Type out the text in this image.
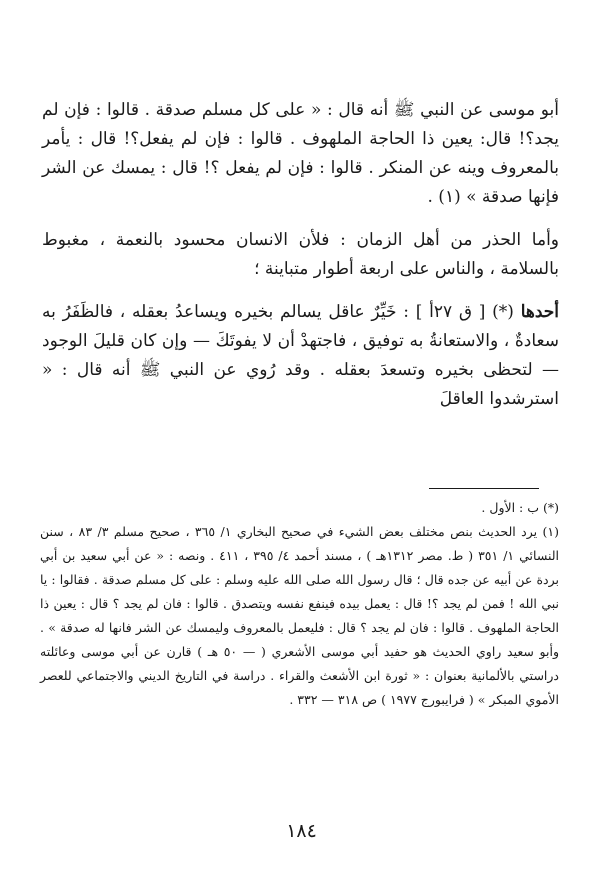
أبو موسى عن النبي ﷺ أنه قال : « على كل مسلم صدقة . قالوا : فإن لم يجد؟! قال: يعين ذا الحاجة الملهوف . قالوا : فإن لم يفعل؟! قال : يأمر بالمعروف وينه عن المنكر . قالوا : فإن لم يفعل ؟! قال : يمسك عن الشر فإنها صدقة » (١) .

وأما الحذر من أهل الزمان : فلأن الانسان محسود بالنعمة ، مغبوط بالسلامة ، والناس على اربعة أطوار متباينة ؛

أحدها (*) [ ق ٢٧أ ] : خَيِّرٌ عاقل يسالم بخيره ويساعدُ بعقله ، فالظَفَرُ به سعادةٌ ، والاستعانةُ به توفيق ، فاجتهدْ أن لا يفوتَكَ — وإن كان قليلَ الوجود — لتحظى بخيره وتسعدَ بعقله . وقد رُوي عن النبي ﷺ أنه قال : « استرشدوا العاقلَ

(*) ب : الأول .

(١) يرد الحديث بنص مختلف بعض الشيء في صحيح البخاري ١/ ٣٦٥ ، صحيح مسلم ٣/ ٨٣ ، سنن النسائي ١/ ٣٥١ ( ط. مصر ١٣١٢هـ ) ، مسند أحمد ٤/ ٣٩٥ ، ٤١١ . ونصه : « عن أبي سعيد بن أبي بردة عن أبيه عن جده قال ؛ قال رسول الله صلى الله عليه وسلم : على كل مسلم صدقة . فقالوا : يا نبي الله ! فمن لم يجد ؟! قال : يعمل بيده فينفع نفسه ويتصدق . قالوا : فان لم يجد ؟ قال : يعين ذا الحاجة الملهوف . قالوا : فان لم يجد ؟ قال : فليعمل بالمعروف وليمسك عن الشر فانها له صدقة » . وأبو سعيد راوي الحديث هو حفيد أبي موسى الأشعري ( — ٥٠ هـ ) قارن عن أبي موسى وعائلته دراستي بالألمانية بعنوان : « ثورة ابن الأشعث والقراء . دراسة في التاريخ الديني والاجتماعي للعصر الأموي المبكر » ( فرايبورج ١٩٧٧ ) ص ٣١٨ — ٣٣٢ .

١٨٤
